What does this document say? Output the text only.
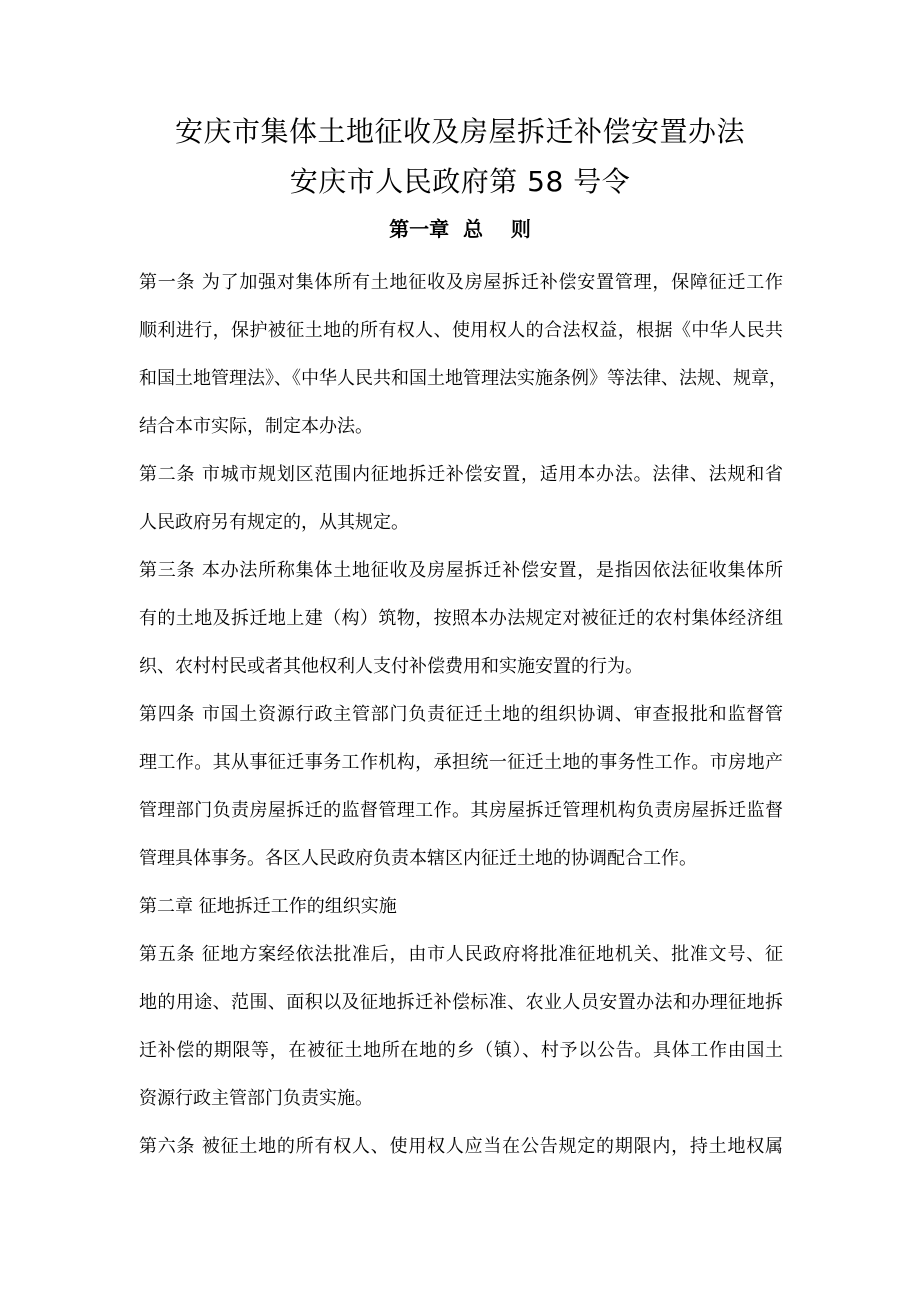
安庆市集体土地征收及房屋拆迁补偿安置办法
安庆市人民政府第 58 号令
第一章  总    则
第一条 为了加强对集体所有土地征收及房屋拆迁补偿安置管理，保障征迁工作
顺利进行，保护被征土地的所有权人、使用权人的合法权益，根据《中华人民共
和国土地管理法》、《中华人民共和国土地管理法实施条例》等法律、法规、规章，
结合本市实际，制定本办法。
第二条 市城市规划区范围内征地拆迁补偿安置，适用本办法。法律、法规和省
人民政府另有规定的，从其规定。
第三条 本办法所称集体土地征收及房屋拆迁补偿安置，是指因依法征收集体所
有的土地及拆迁地上建（构）筑物，按照本办法规定对被征迁的农村集体经济组
织、农村村民或者其他权利人支付补偿费用和实施安置的行为。
第四条 市国土资源行政主管部门负责征迁土地的组织协调、审查报批和监督管
理工作。其从事征迁事务工作机构，承担统一征迁土地的事务性工作。市房地产
管理部门负责房屋拆迁的监督管理工作。其房屋拆迁管理机构负责房屋拆迁监督
管理具体事务。各区人民政府负责本辖区内征迁土地的协调配合工作。
第二章 征地拆迁工作的组织实施
第五条 征地方案经依法批准后，由市人民政府将批准征地机关、批准文号、征
地的用途、范围、面积以及征地拆迁补偿标准、农业人员安置办法和办理征地拆
迁补偿的期限等，在被征土地所在地的乡（镇）、村予以公告。具体工作由国土
资源行政主管部门负责实施。
第六条 被征土地的所有权人、使用权人应当在公告规定的期限内，持土地权属
